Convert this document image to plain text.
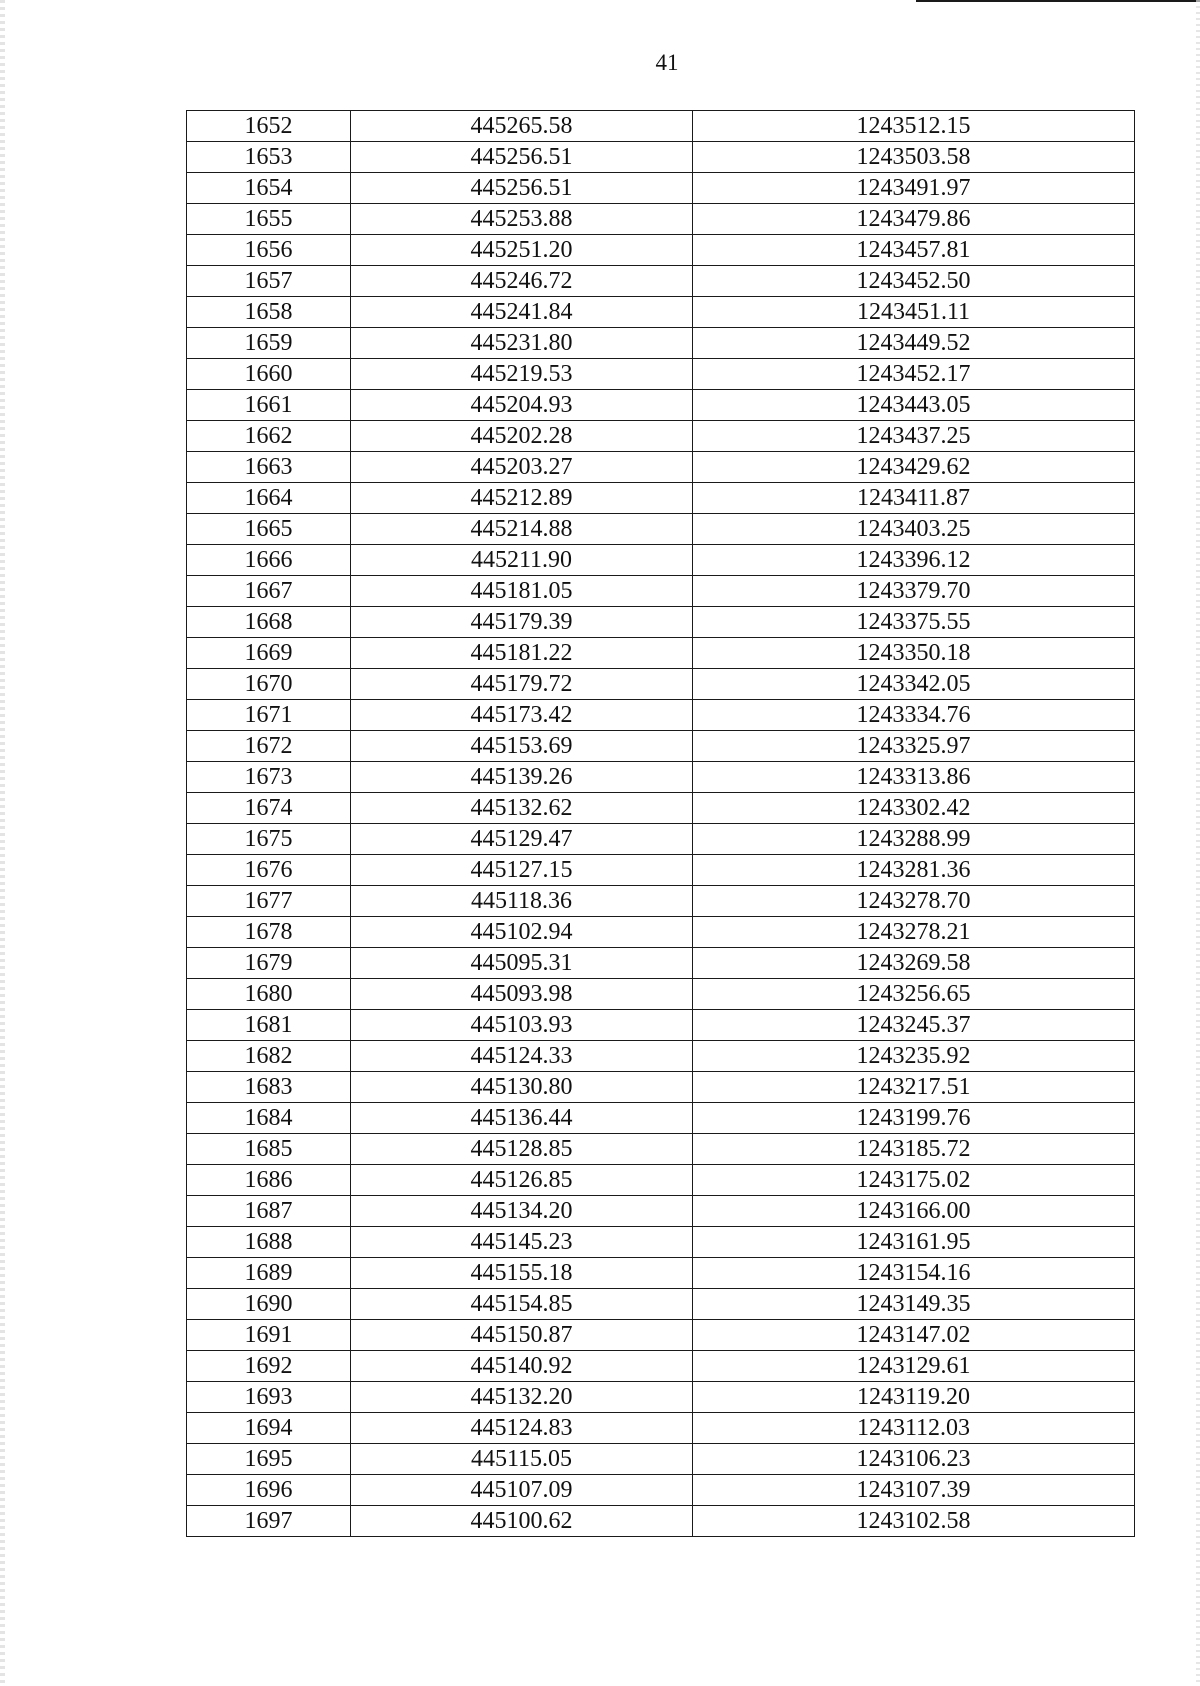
41
1652	445265.58	1243512.15
1653	445256.51	1243503.58
1654	445256.51	1243491.97
1655	445253.88	1243479.86
1656	445251.20	1243457.81
1657	445246.72	1243452.50
1658	445241.84	1243451.11
1659	445231.80	1243449.52
1660	445219.53	1243452.17
1661	445204.93	1243443.05
1662	445202.28	1243437.25
1663	445203.27	1243429.62
1664	445212.89	1243411.87
1665	445214.88	1243403.25
1666	445211.90	1243396.12
1667	445181.05	1243379.70
1668	445179.39	1243375.55
1669	445181.22	1243350.18
1670	445179.72	1243342.05
1671	445173.42	1243334.76
1672	445153.69	1243325.97
1673	445139.26	1243313.86
1674	445132.62	1243302.42
1675	445129.47	1243288.99
1676	445127.15	1243281.36
1677	445118.36	1243278.70
1678	445102.94	1243278.21
1679	445095.31	1243269.58
1680	445093.98	1243256.65
1681	445103.93	1243245.37
1682	445124.33	1243235.92
1683	445130.80	1243217.51
1684	445136.44	1243199.76
1685	445128.85	1243185.72
1686	445126.85	1243175.02
1687	445134.20	1243166.00
1688	445145.23	1243161.95
1689	445155.18	1243154.16
1690	445154.85	1243149.35
1691	445150.87	1243147.02
1692	445140.92	1243129.61
1693	445132.20	1243119.20
1694	445124.83	1243112.03
1695	445115.05	1243106.23
1696	445107.09	1243107.39
1697	445100.62	1243102.58
